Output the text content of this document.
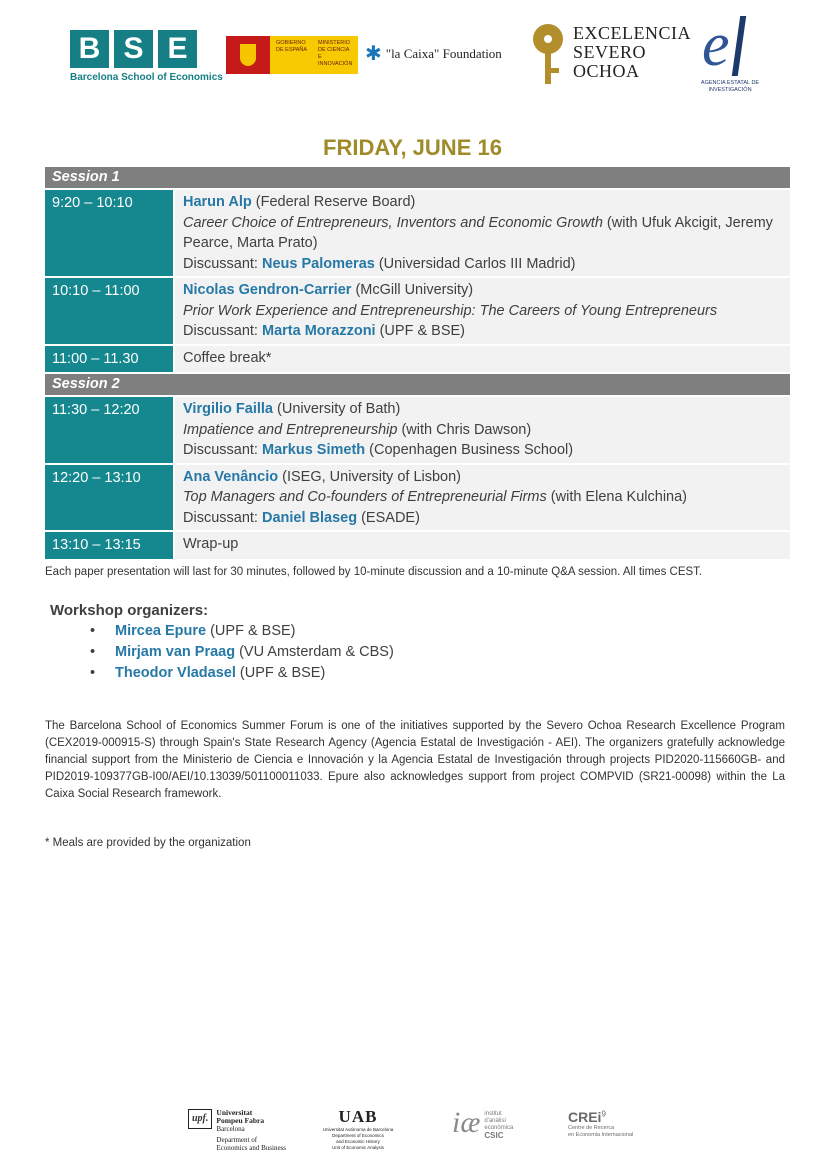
B S E
Barcelona School of Economics
GOBIERNO DE ESPAÑA
MINISTERIO DE CIENCIA E INNOVACIÓN ✱ "la Caixa" Foundation
EXCELENCIA
SEVERO
OCHOA	e
AGENCIA ESTATAL DE INVESTIGACIÓN
FRIDAY, JUNE 16
Session 1
9:20 – 10:10	Harun Alp (Federal Reserve Board)
Career Choice of Entrepreneurs, Inventors and Economic Growth (with Ufuk Akcigit, Jeremy Pearce, Marta Prato)
Discussant: Neus Palomeras (Universidad Carlos III Madrid)
10:10 – 11:00	Nicolas Gendron-Carrier (McGill University)
Prior Work Experience and Entrepreneurship: The Careers of Young Entrepreneurs
Discussant: Marta Morazzoni (UPF & BSE)
11:00 – 11.30	Coffee break*
Session 2
11:30 – 12:20	Virgilio Failla (University of Bath)
Impatience and Entrepreneurship (with Chris Dawson)
Discussant: Markus Simeth (Copenhagen Business School)
12:20 – 13:10	Ana Venâncio (ISEG, University of Lisbon)
Top Managers and Co-founders of Entrepreneurial Firms (with Elena Kulchina)
Discussant: Daniel Blaseg (ESADE)
13:10 – 13:15	Wrap-up
Each paper presentation will last for 30 minutes, followed by 10-minute discussion and a 10-minute Q&A session. All times CEST.
Workshop organizers:
• Mircea Epure (UPF & BSE)
• Mirjam van Praag (VU Amsterdam & CBS)
• Theodor Vladasel (UPF & BSE)
The Barcelona School of Economics Summer Forum is one of the initiatives supported by the Severo Ochoa Research Excellence Program (CEX2019-000915-S) through Spain's State Research Agency (Agencia Estatal de Investigación - AEI). The organizers gratefully acknowledge financial support from the Ministerio de Ciencia e Innovación y la Agencia Estatal de Investigación through projects PID2020-115660GB- and PID2019-109377GB-I00/AEI/10.13039/501100011033. Epure also acknowledges support from project COMPVID (SR21-00098) within the La Caixa Social Research framework.
* Meals are provided by the organization
upf.
Universitat
Pompeu Fabra
Barcelona
Department of
Economics and Business
UAB
Universitat Autònoma de Barcelona
Department of Economics
and Economic History
Unit of Economic Analysis
iæ institut
d'anàlisi
econòmica
CSIC
CREi$^9$
Centre de Recerca
en Economia Internacional
